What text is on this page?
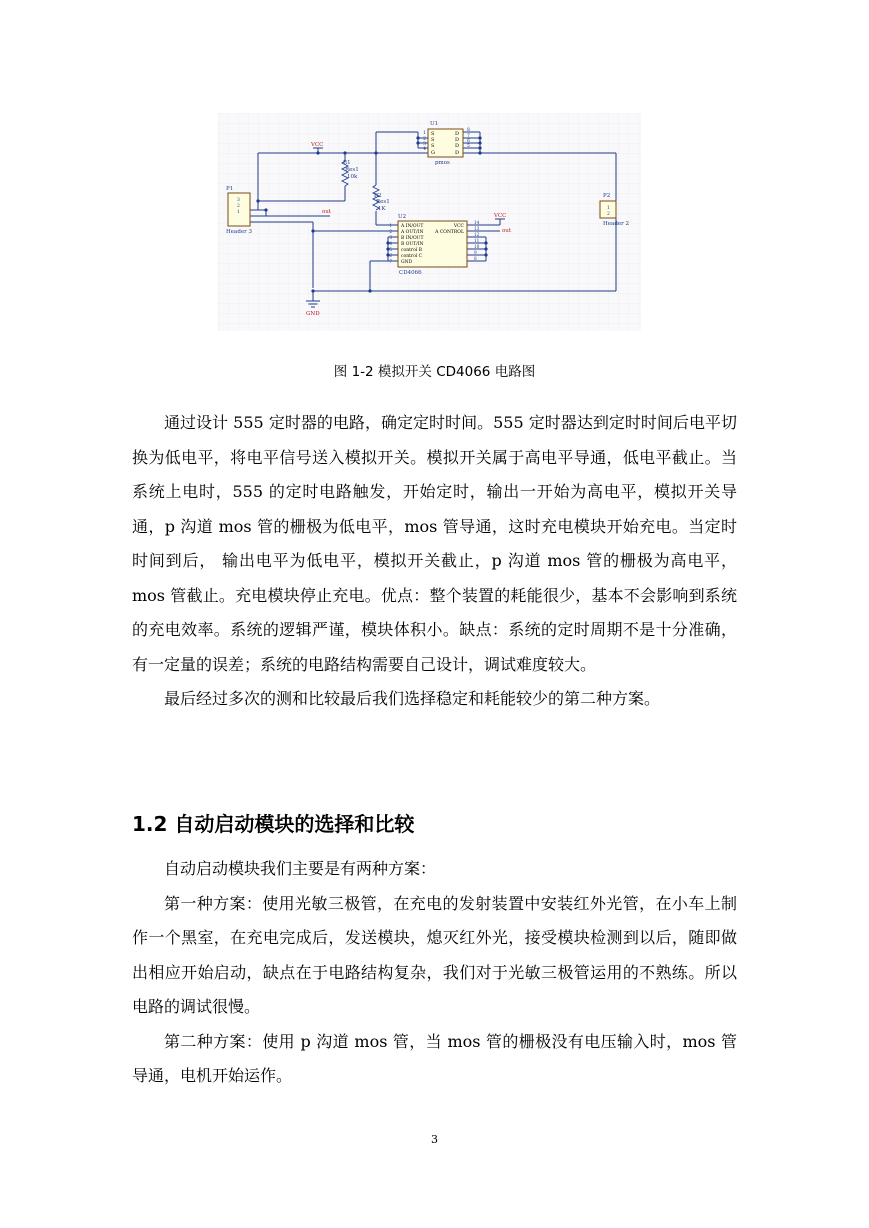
U1
pmos
1
2
3
4
S
S
S
G
D
D
D
D
8
7
6
5
VCC
R1
Res1
10k
R2
Res1
1K
P1
Header 3
3
2
1
P2
Header 2
1
2
out
U2
CD4066
1
2
3
4
5
6
7
A IN/OUT
A OUT/IN
B IN/OUT
B OUT/IN
control B
control C
GND
VCC
A CONTROL
14
13
12
11
10
9
8
VCC
out
GND
图 1-2 模拟开关 CD4066 电路图

通过设计 555 定时器的电路，确定定时时间。555 定时器达到定时时间后电平切换为低电平，将电平信号送入模拟开关。模拟开关属于高电平导通，低电平截止。当系统上电时，555 的定时电路触发，开始定时，输出一开始为高电平，模拟开关导通，p 沟道 mos 管的栅极为低电平，mos 管导通，这时充电模块开始充电。当定时时间到后， 输出电平为低电平，模拟开关截止，p 沟道 mos 管的栅极为高电平，mos 管截止。充电模块停止充电。优点：整个装置的耗能很少，基本不会影响到系统的充电效率。系统的逻辑严谨，模块体积小。缺点：系统的定时周期不是十分准确，有一定量的误差；系统的电路结构需要自己设计，调试难度较大。

最后经过多次的测和比较最后我们选择稳定和耗能较少的第二种方案。

1.2 自动启动模块的选择和比较

自动启动模块我们主要是有两种方案：

第一种方案：使用光敏三极管，在充电的发射装置中安装红外光管，在小车上制作一个黑室，在充电完成后，发送模块，熄灭红外光，接受模块检测到以后，随即做出相应开始启动，缺点在于电路结构复杂，我们对于光敏三极管运用的不熟练。所以电路的调试很慢。

第二种方案：使用 p 沟道 mos 管，当 mos 管的栅极没有电压输入时，mos 管导通，电机开始运作。

3
